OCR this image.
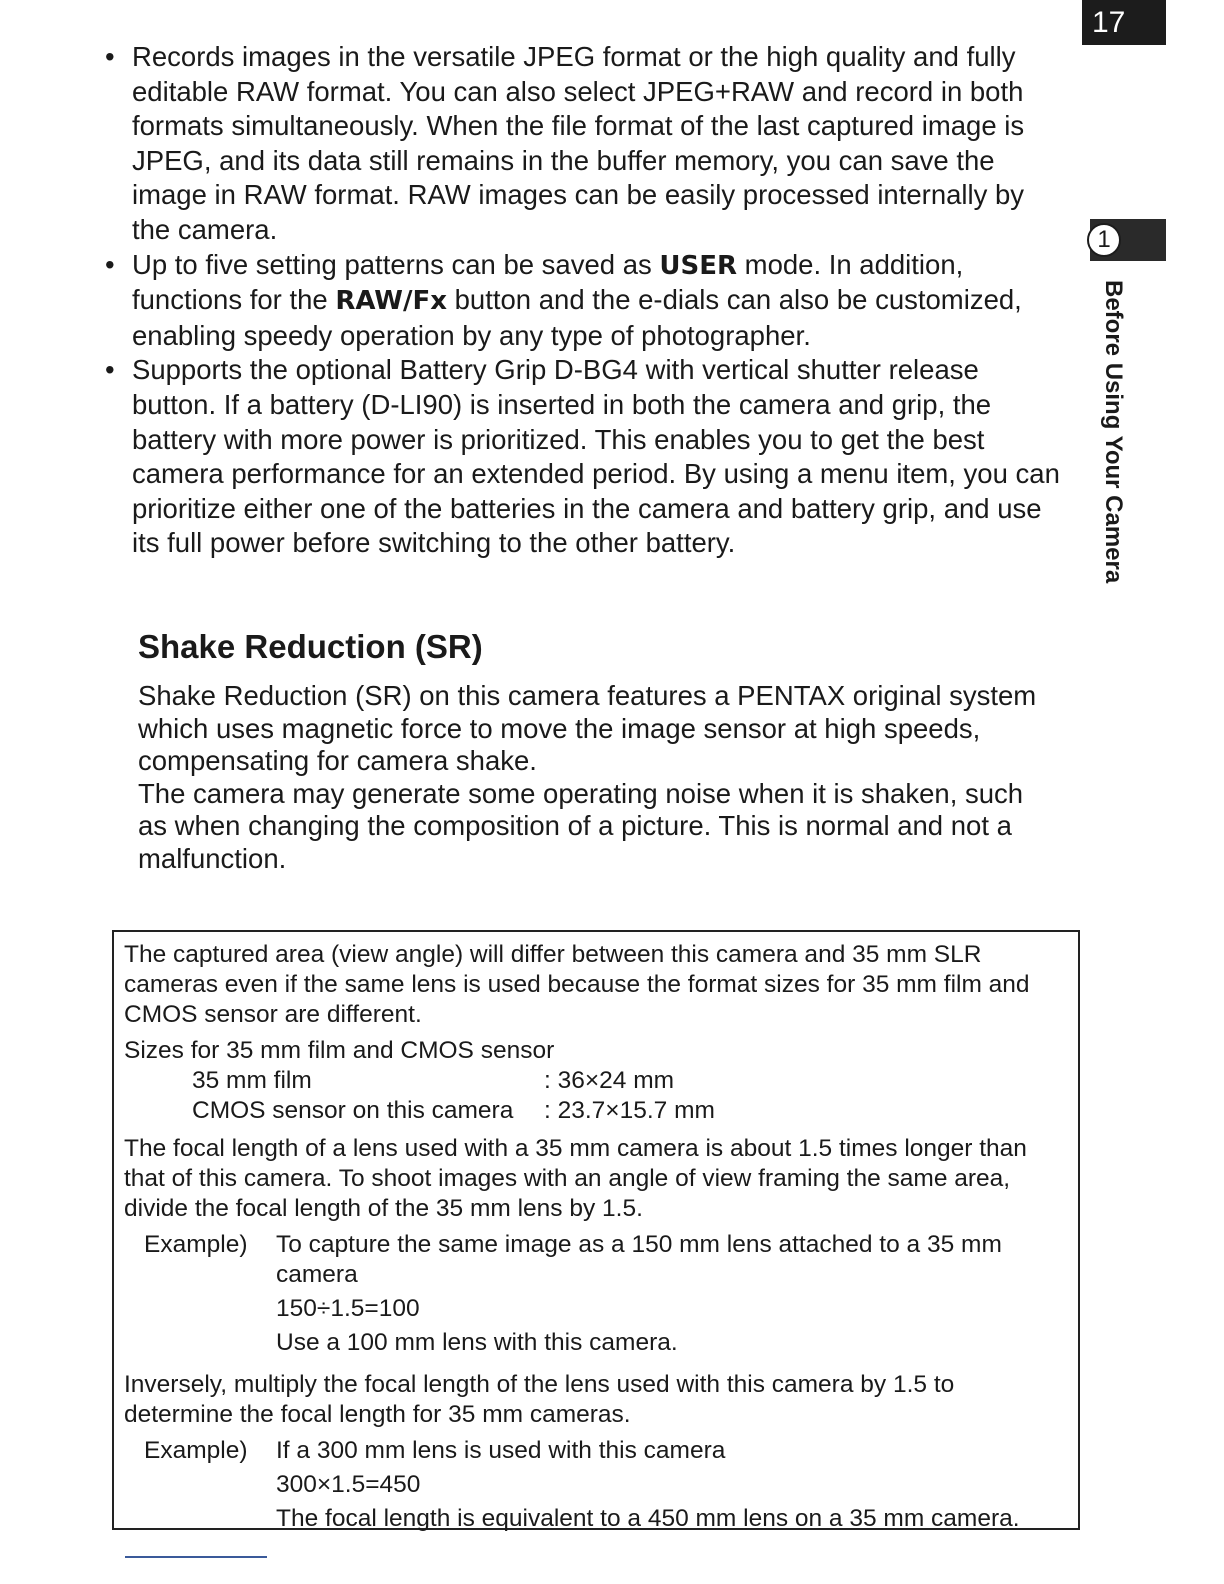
17
1
Before Using Your Camera
• Records images in the versatile JPEG format or the high quality and fully editable RAW format. You can also select JPEG+RAW and record in both formats simultaneously. When the file format of the last captured image is JPEG, and its data still remains in the buffer memory, you can save the image in RAW format. RAW images can be easily processed internally by the camera.
• Up to five setting patterns can be saved as USER mode. In addition, functions for the RAW/Fx button and the e-dials can also be customized, enabling speedy operation by any type of photographer.
• Supports the optional Battery Grip D-BG4 with vertical shutter release button. If a battery (D-LI90) is inserted in both the camera and grip, the battery with more power is prioritized. This enables you to get the best camera performance for an extended period. By using a menu item, you can prioritize either one of the batteries in the camera and battery grip, and use its full power before switching to the other battery.
Shake Reduction (SR)
Shake Reduction (SR) on this camera features a PENTAX original system which uses magnetic force to move the image sensor at high speeds, compensating for camera shake.
The camera may generate some operating noise when it is shaken, such as when changing the composition of a picture. This is normal and not a malfunction.

The captured area (view angle) will differ between this camera and 35 mm SLR cameras even if the same lens is used because the format sizes for 35 mm film and CMOS sensor are different.

Sizes for 35 mm film and CMOS sensor
35 mm film	: 36×24 mm
CMOS sensor on this camera	: 23.7×15.7 mm

The focal length of a lens used with a 35 mm camera is about 1.5 times longer than that of this camera. To shoot images with an angle of view framing the same area, divide the focal length of the 35 mm lens by 1.5.

Example)	To capture the same image as a 150 mm lens attached to a 35 mm camera
150÷1.5=100
Use a 100 mm lens with this camera.

Inversely, multiply the focal length of the lens used with this camera by 1.5 to determine the focal length for 35 mm cameras.

Example)	If a 300 mm lens is used with this camera
300×1.5=450
The focal length is equivalent to a 450 mm lens on a 35 mm camera.
